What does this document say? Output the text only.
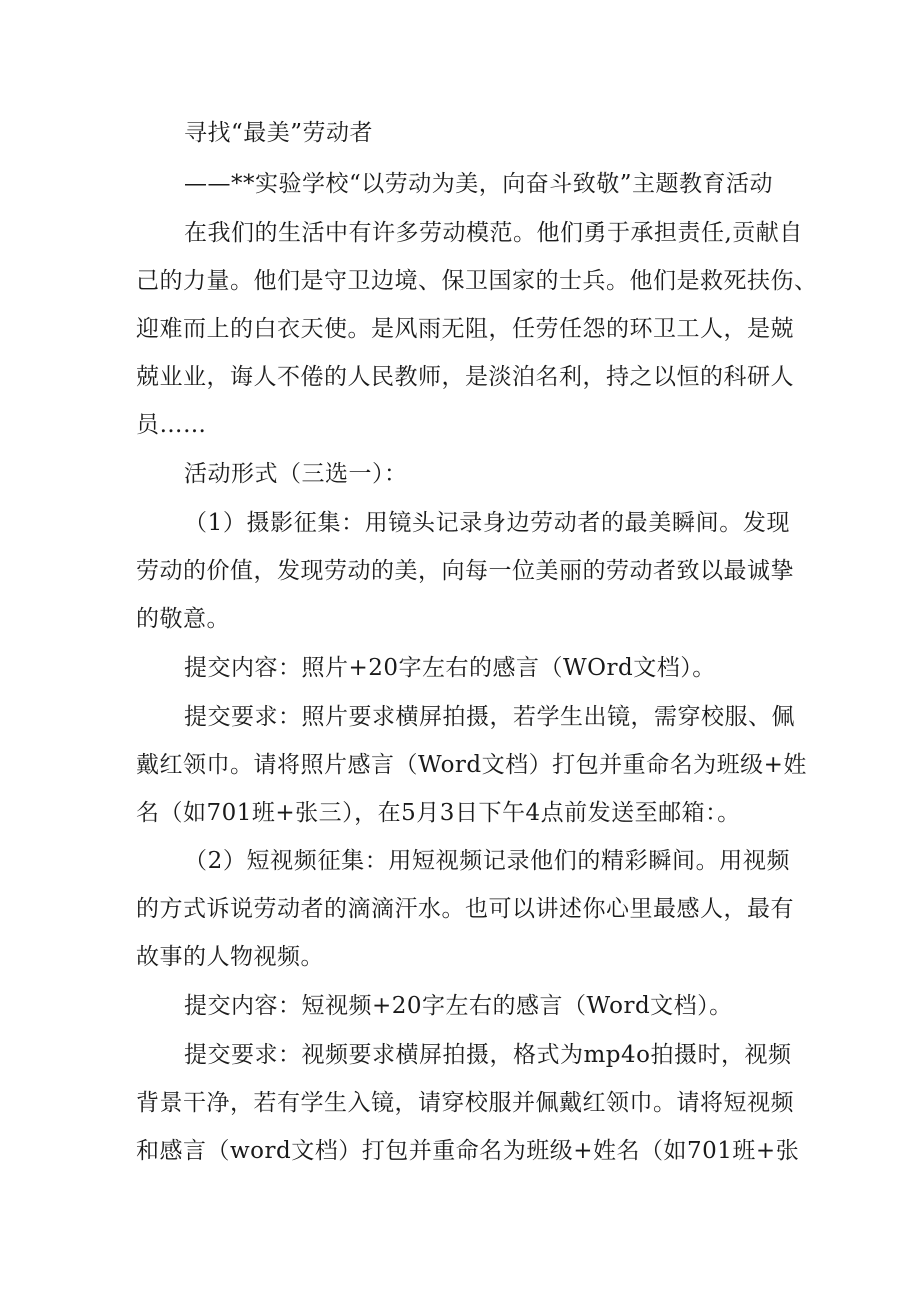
寻找“最美”劳动者
——**实验学校“以劳动为美，向奋斗致敬”主题教育活动
在我们的生活中有许多劳动模范。他们勇于承担责任,贡献自
己的力量。他们是守卫边境、保卫国家的士兵。他们是救死扶伤、
迎难而上的白衣天使。是风雨无阻，任劳任怨的环卫工人，是兢
兢业业，诲人不倦的人民教师，是淡泊名利，持之以恒的科研人
员……
活动形式（三选一）：
（1）摄影征集：用镜头记录身边劳动者的最美瞬间。发现
劳动的价值，发现劳动的美，向每一位美丽的劳动者致以最诚挚
的敬意。
提交内容：照片+20字左右的感言（WOrd文档）。
提交要求：照片要求横屏拍摄，若学生出镜，需穿校服、佩
戴红领巾。请将照片感言（Word文档）打包并重命名为班级+姓
名（如701班+张三），在5月3日下午4点前发送至邮箱：。
（2）短视频征集：用短视频记录他们的精彩瞬间。用视频
的方式诉说劳动者的滴滴汗水。也可以讲述你心里最感人，最有
故事的人物视频。
提交内容：短视频+20字左右的感言（Word文档）。
提交要求：视频要求横屏拍摄，格式为mp4o拍摄时，视频
背景干净，若有学生入镜，请穿校服并佩戴红领巾。请将短视频
和感言（word文档）打包并重命名为班级+姓名（如701班+张
